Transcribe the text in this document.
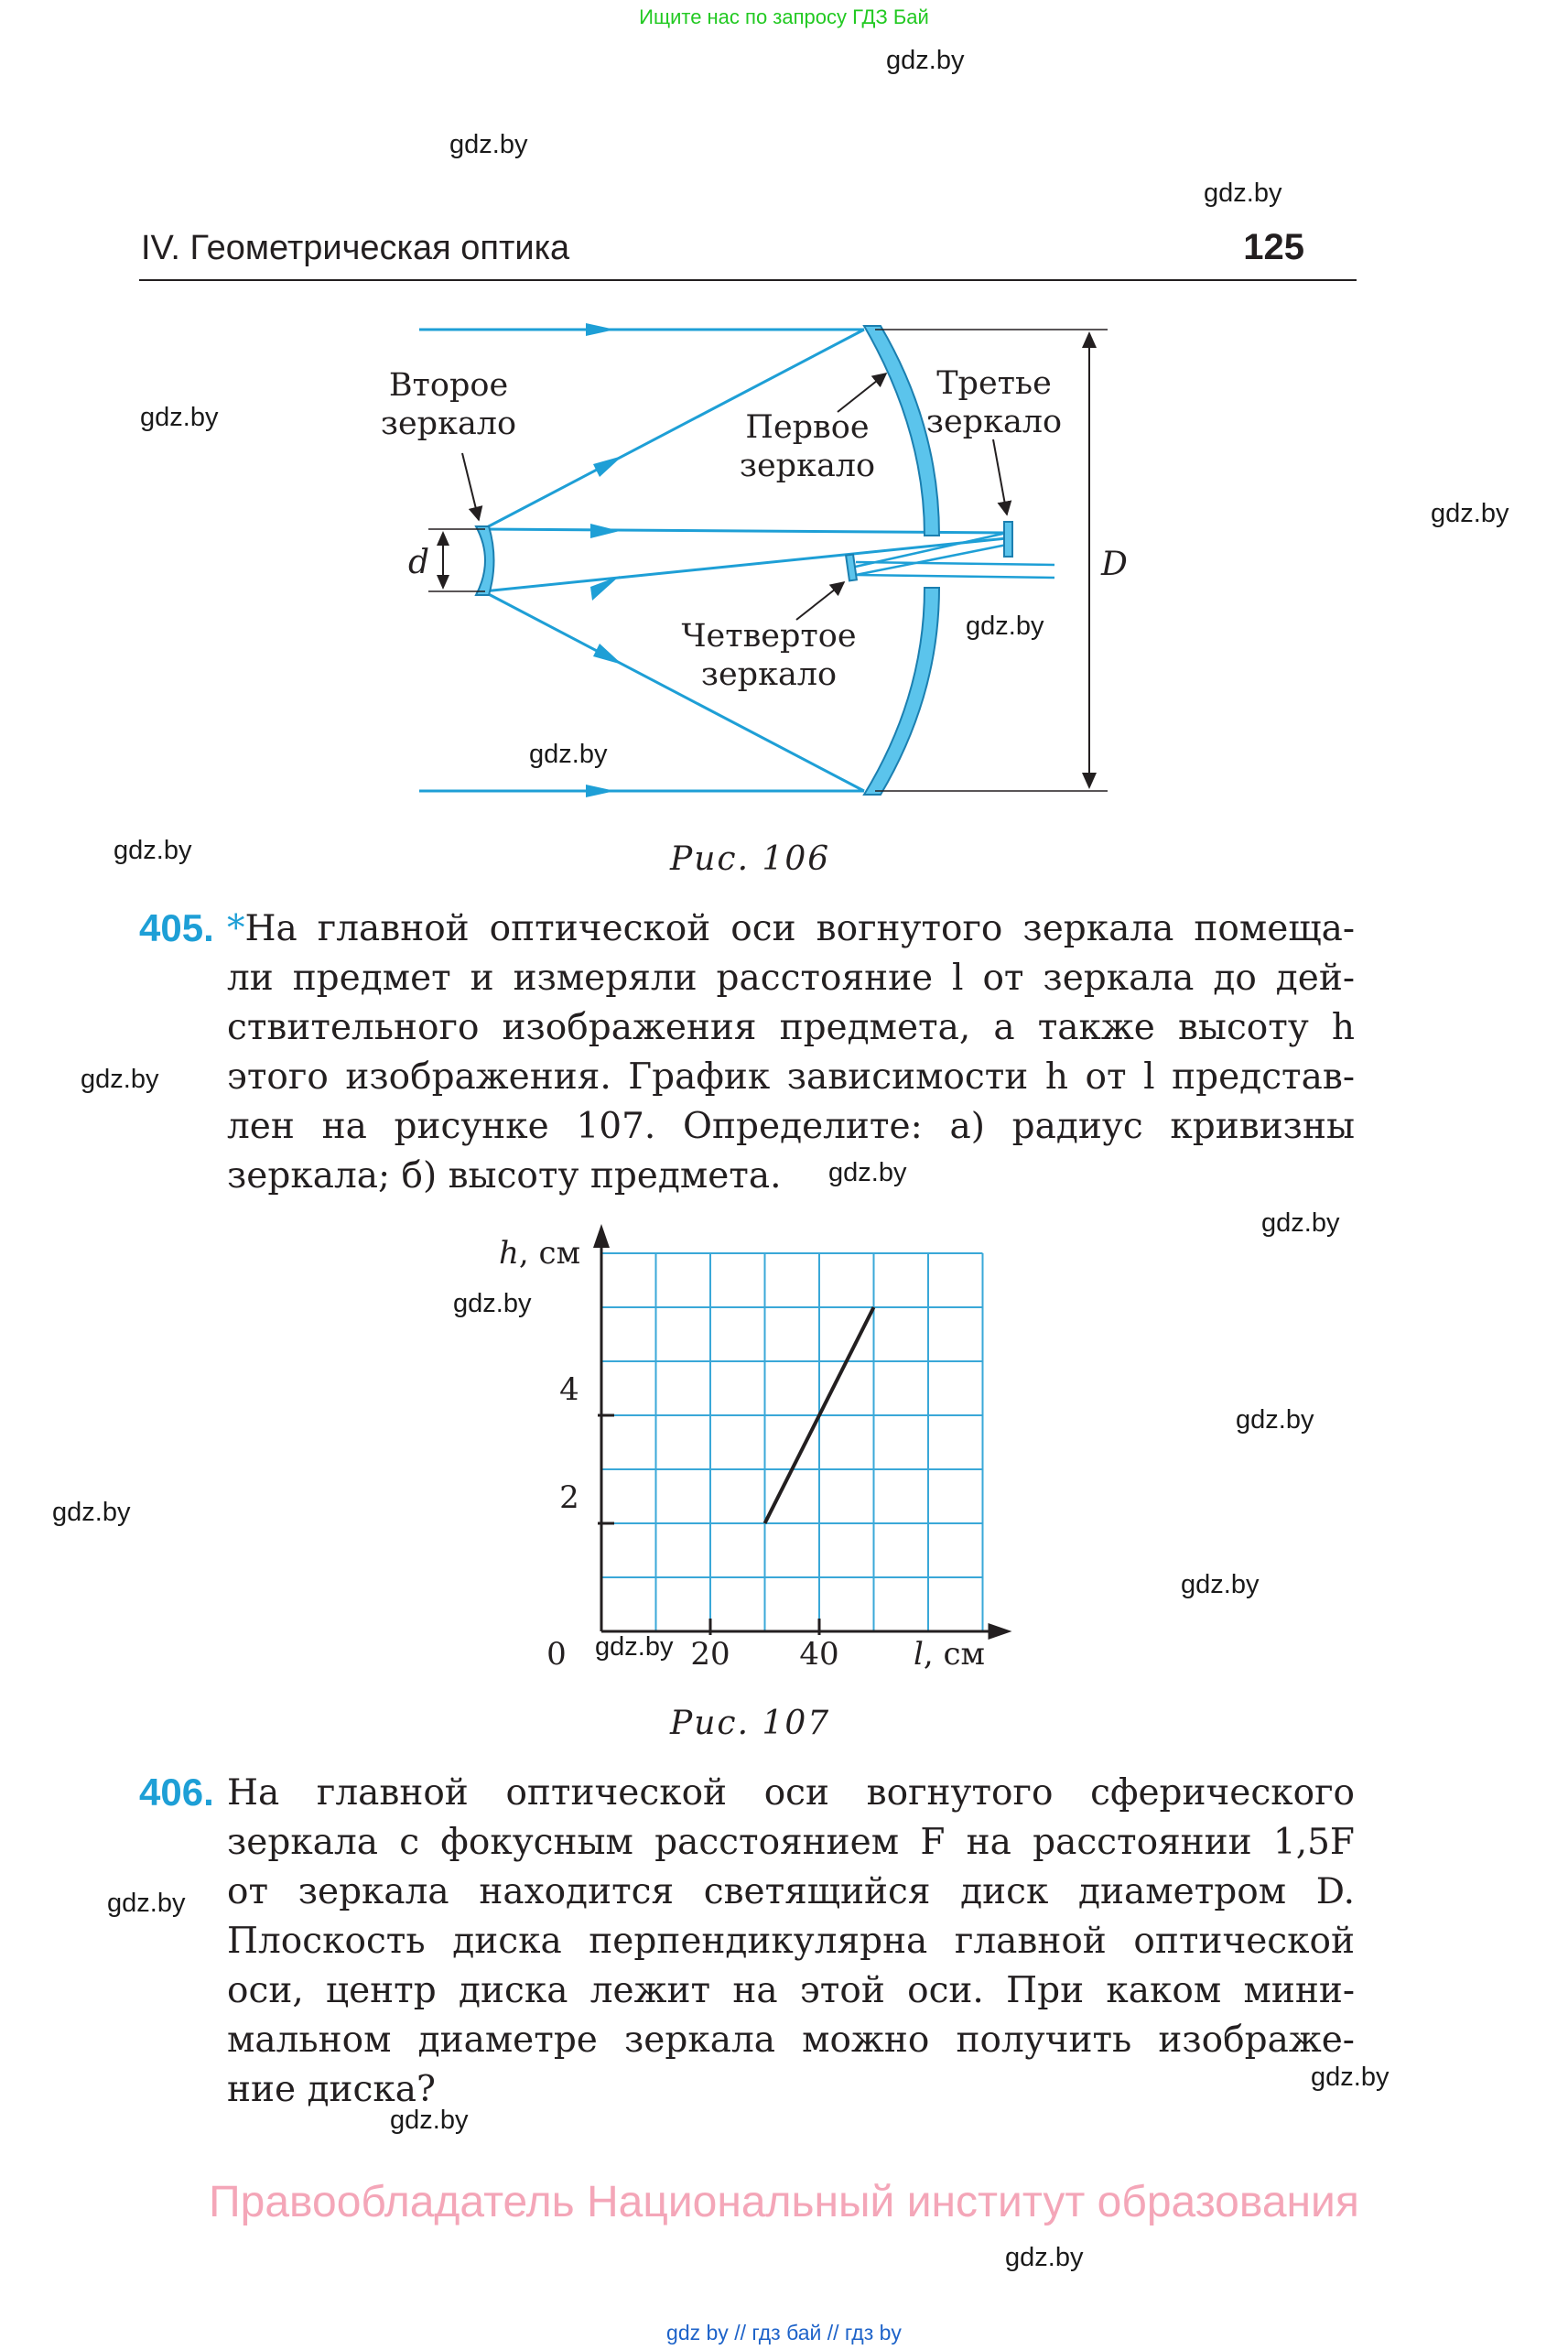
Ищите нас по запросу ГДЗ Бай
gdz.by
gdz.by
gdz.by
gdz.by
gdz.by
gdz.by
gdz.by
gdz.by
gdz.by
gdz.by
gdz.by
gdz.by
gdz.by
gdz.by
gdz.by
gdz.by
gdz.by
gdz.by
gdz.by
gdz.by
IV. Геометрическая оптика	125
Второе
зеркало	Первое
зеркало
Третье
зеркало
Четвертое
зеркало
d	D
Рис. 106
405. *На главной оптической оси вогнутого зеркала помеща-
ли предмет и измеряли расстояние l от зеркала до дей-
ствительного изображения предмета, а также высоту h
этого изображения. График зависимости h от l представ-
лен на рисунке 107. Определите: а) радиус кривизны
зеркала; б) высоту предмета.
h, см
0
2
4
20 40 l, см
Рис. 107
406. На главной оптической оси вогнутого сферического
зеркала с фокусным расстоянием F на расстоянии 1,5F
от зеркала находится светящийся диск диаметром D.
Плоскость диска перпендикулярна главной оптической
оси, центр диска лежит на этой оси. При каком мини-
мальном диаметре зеркала можно получить изображе-
ние диска?
Правообладатель Национальный институт образования
gdz by // гдз бай // гдз by
